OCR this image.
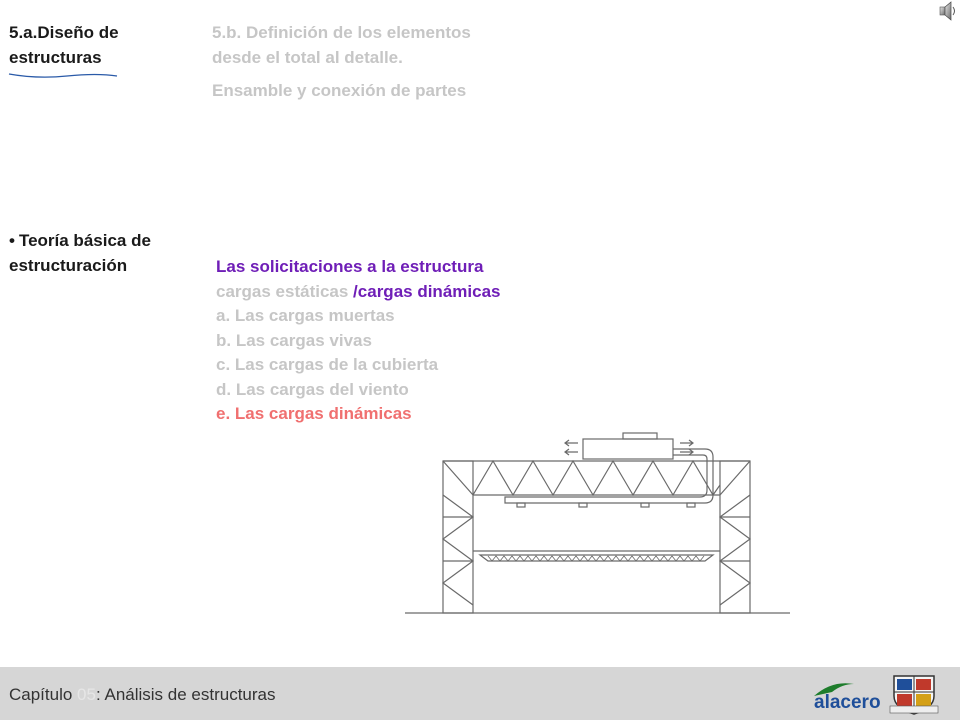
5.a.Diseño de
estructuras
5.b. Definición de los elementos
desde el total al detalle.
Ensamble y conexión de partes
• Teoría básica de
estructuración	Las solicitaciones a la estructura
cargas estáticas /cargas dinámicas
a. Las cargas muertas
b. Las cargas vivas
c. Las cargas de la cubierta
d. Las cargas del viento
e. Las cargas dinámicas
Capítulo 05: Análisis de estructuras	alacero
